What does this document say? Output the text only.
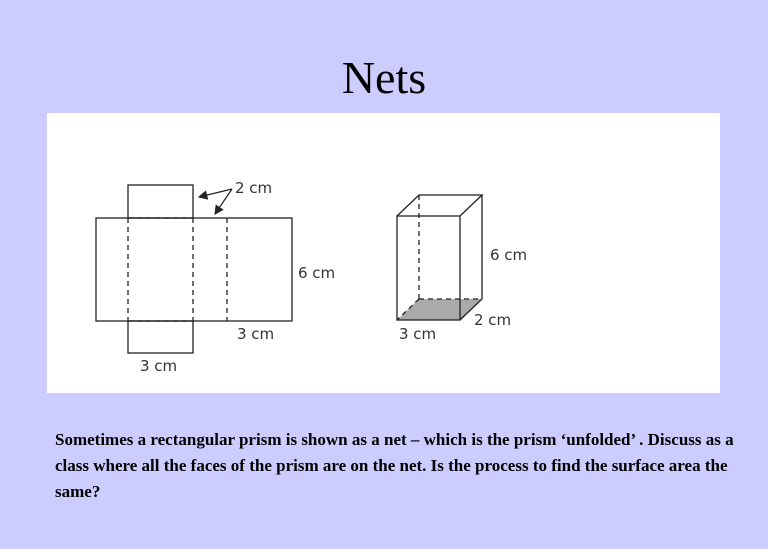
Nets
2 cm
6 cm
3 cm
3 cm
6 cm
2 cm
3 cm

Sometimes a rectangular prism is shown as a net – which is the prism ‘unfolded’ . Discuss as a class where all the faces of the prism are on the net. Is the process to find the surface area the same?
